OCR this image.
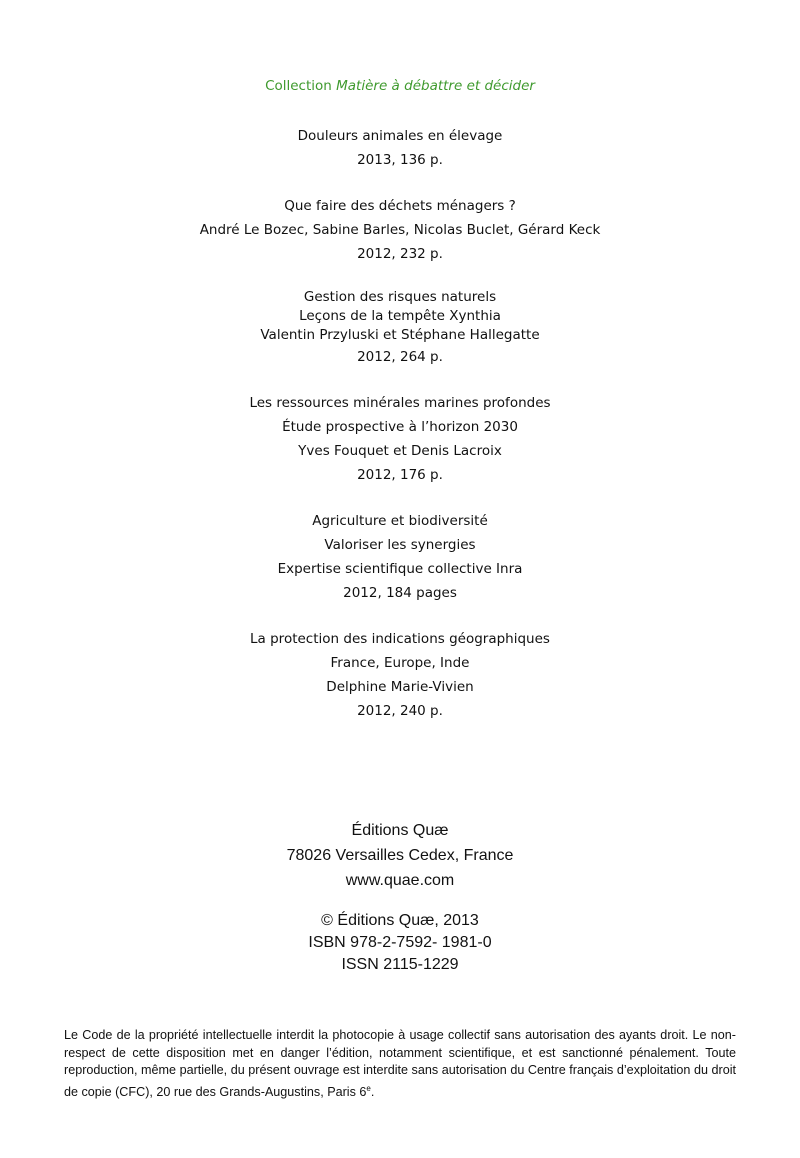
Collection Matière à débattre et décider
Douleurs animales en élevage
2013, 136 p.
Que faire des déchets ménagers ?
André Le Bozec, Sabine Barles, Nicolas Buclet, Gérard Keck
2012, 232 p.
Gestion des risques naturels
Leçons de la tempête Xynthia
Valentin Przyluski et Stéphane Hallegatte
2012, 264 p.
Les ressources minérales marines profondes
Étude prospective à l’horizon 2030
Yves Fouquet et Denis Lacroix
2012, 176 p.
Agriculture et biodiversité
Valoriser les synergies
Expertise scientifique collective Inra
2012, 184 pages
La protection des indications géographiques
France, Europe, Inde
Delphine Marie-Vivien
2012, 240 p.
Éditions Quæ
78026 Versailles Cedex, France
www.quae.com
© Éditions Quæ, 2013
ISBN 978-2-7592- 1981-0
ISSN 2115-1229
Le Code de la propriété intellectuelle interdit la photocopie à usage collectif sans autorisation des ayants droit. Le non-respect de cette disposition met en danger l’édition, notamment scientifique, et est sanctionné pénalement. Toute reproduction, même partielle, du présent ouvrage est interdite sans autorisation du Centre français d’exploitation du droit de copie (CFC), 20 rue des Grands-Augustins, Paris 6e.
